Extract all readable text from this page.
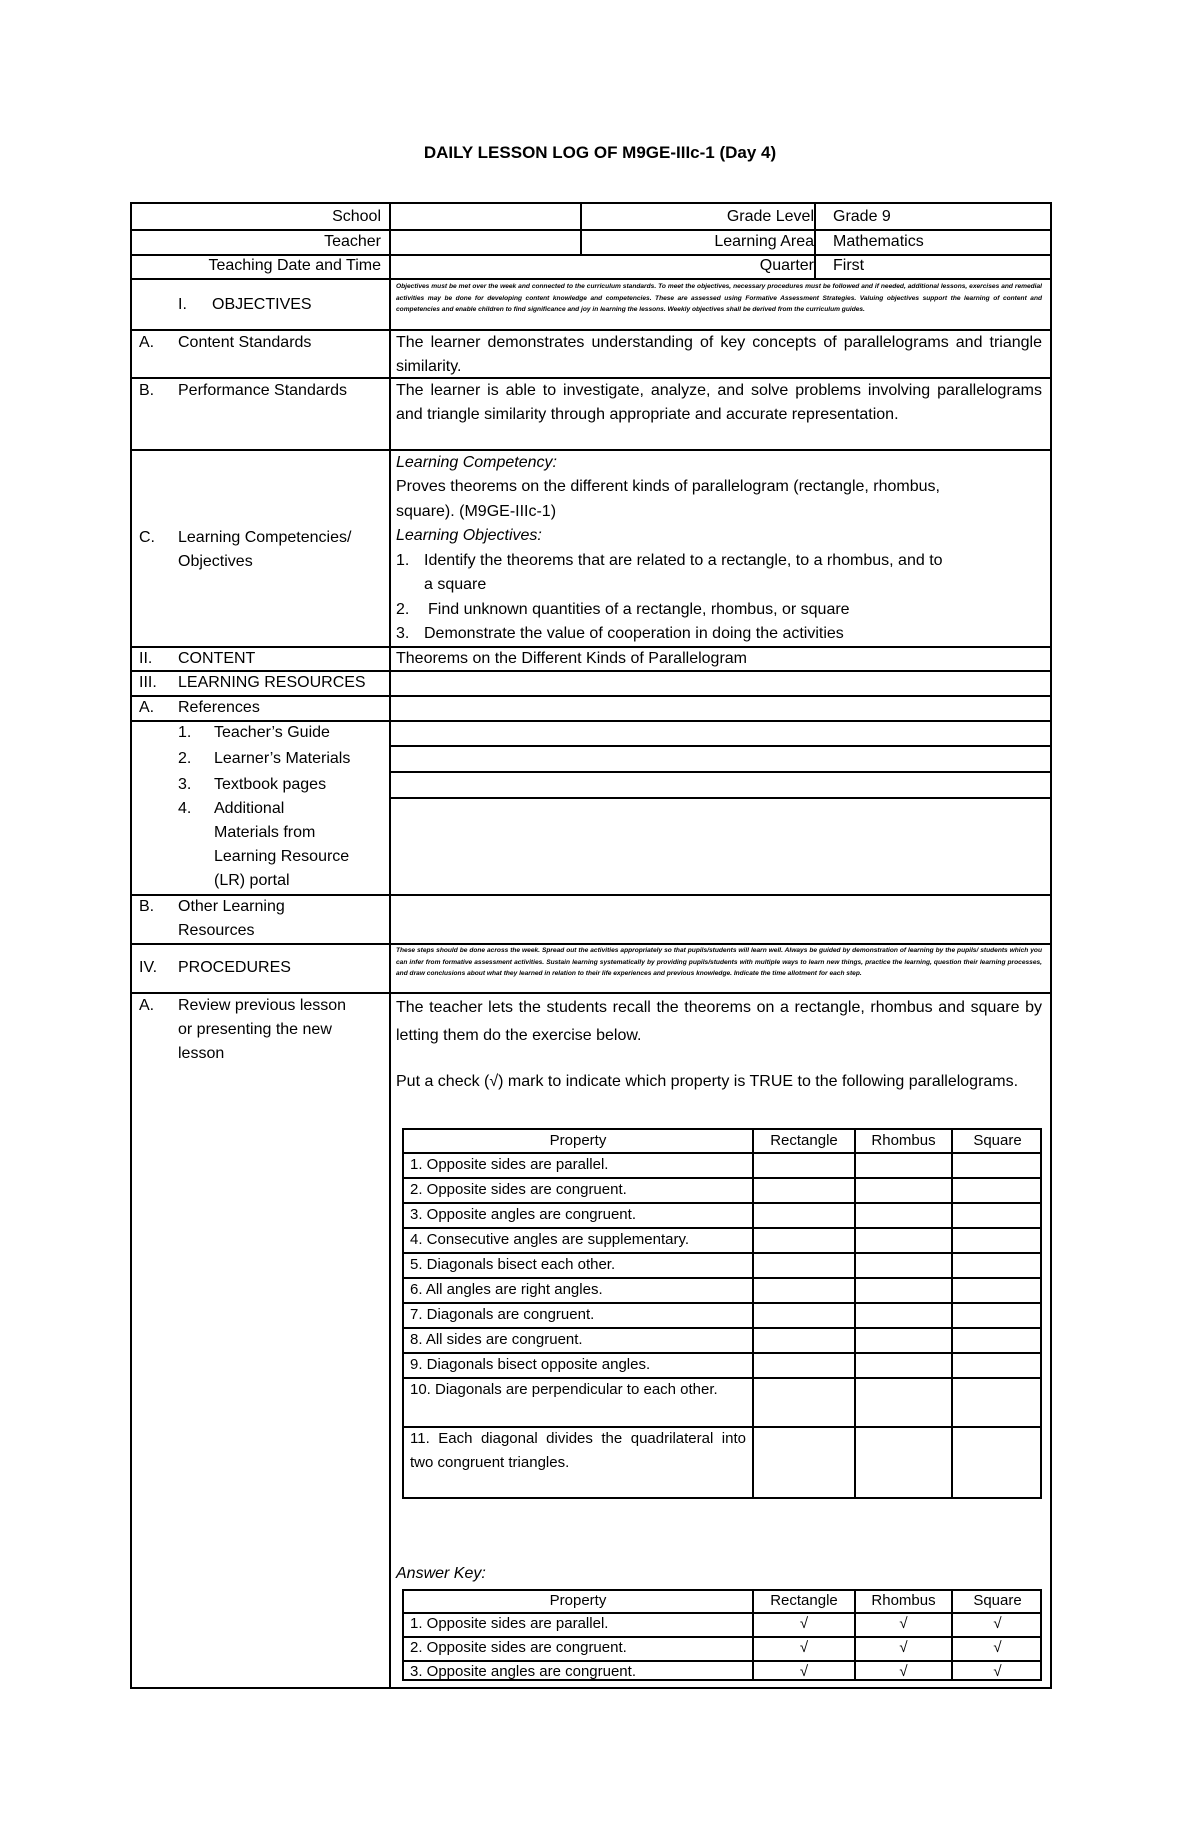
DAILY LESSON LOG OF M9GE-IIIc-1 (Day 4)
School	Grade Level Grade 9
Teacher	Learning Area Mathematics
Teaching Date and Time	Quarter First
I. OBJECTIVES
Objectives must be met over the week and connected to the curriculum standards. To meet the objectives, necessary procedures must be followed and if needed, additional lessons, exercises and remedial activities may be done for developing content knowledge and competencies. These are assessed using Formative Assessment Strategies. Valuing objectives support the learning of content and competencies and enable children to find significance and joy in learning the lessons. Weekly objectives shall be derived from the curriculum guides.
A. Content Standards	The learner demonstrates understanding of key concepts of parallelograms and triangle similarity.
B. Performance Standards	The learner is able to investigate, analyze, and solve problems involving parallelograms and triangle similarity through appropriate and accurate representation.
C. Learning Competencies/
Objectives
Learning Competency:
Proves theorems on the different kinds of parallelogram (rectangle, rhombus,
square). (M9GE-IIIc-1)
Learning Objectives:
1. Identify the theorems that are related to a rectangle, to a rhombus, and to
a square
2. Find unknown quantities of a rectangle, rhombus, or square
3. Demonstrate the value of cooperation in doing the activities
II. CONTENT	Theorems on the Different Kinds of Parallelogram
III. LEARNING RESOURCES
A. References
1. Teacher’s Guide
2. Learner’s Materials
3. Textbook pages
4. Additional
Materials from
Learning Resource
(LR) portal
B. Other Learning
Resources
IV. PROCEDURES
These steps should be done across the week. Spread out the activities appropriately so that pupils/students will learn well. Always be guided by demonstration of learning by the pupils/ students which you can infer from formative assessment activities. Sustain learning systematically by providing pupils/students with multiple ways to learn new things, practice the learning, question their learning processes, and draw conclusions about what they learned in relation to their life experiences and previous knowledge. Indicate the time allotment for each step.
A. Review previous lesson
or presenting the new
lesson
The teacher lets the students recall the theorems on a rectangle, rhombus and square by letting them do the exercise below.
Put a check (√) mark to indicate which property is TRUE to the following parallelograms.
Property	Rectangle	Rhombus	Square
1. Opposite sides are parallel.
2. Opposite sides are congruent.
3. Opposite angles are congruent.
4. Consecutive angles are supplementary.
5. Diagonals bisect each other.
6. All angles are right angles.
7. Diagonals are congruent.
8. All sides are congruent.
9. Diagonals bisect opposite angles.
10. Diagonals are perpendicular to each other.
11. Each diagonal divides the quadrilateral into two congruent triangles.
Answer Key:
Property	Rectangle	Rhombus	Square
1. Opposite sides are parallel.	√	√	√
2. Opposite sides are congruent.	√	√	√
3. Opposite angles are congruent.	√	√	√
